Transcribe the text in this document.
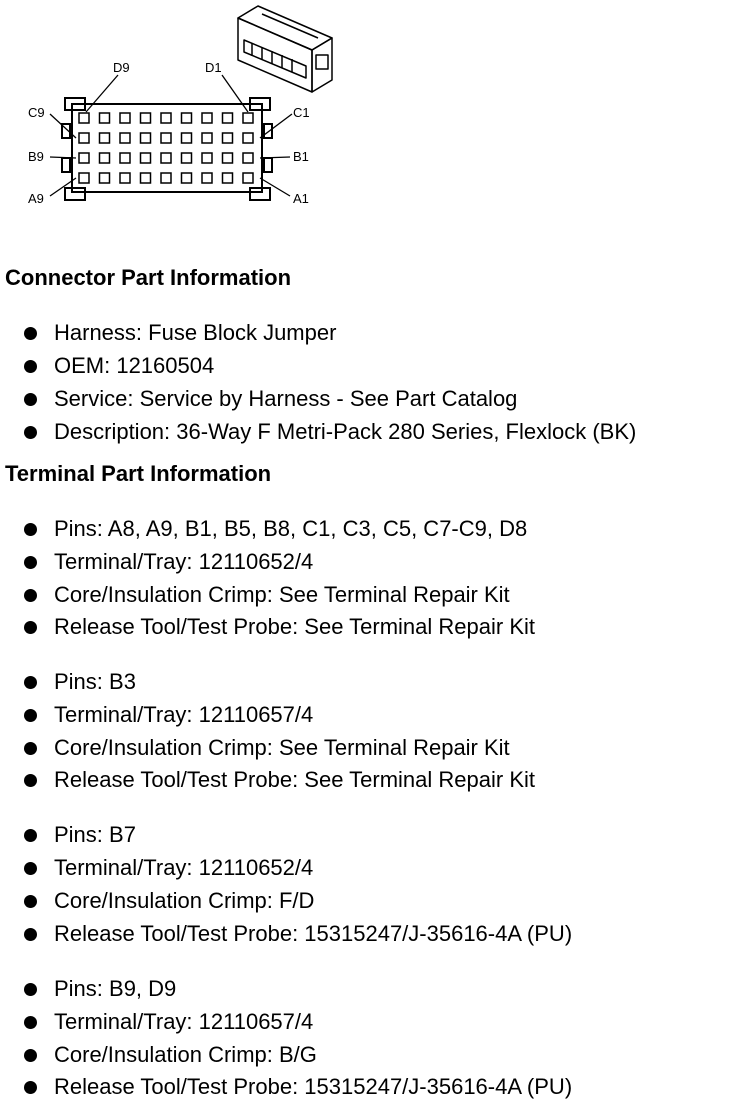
D9	D1
C9	C1
B9	B1
A9	A1
Connector Part Information
Harness: Fuse Block Jumper
OEM: 12160504
Service: Service by Harness - See Part Catalog
Description: 36-Way F Metri-Pack 280 Series, Flexlock (BK)
Terminal Part Information
Pins: A8, A9, B1, B5, B8, C1, C3, C5, C7-C9, D8
Terminal/Tray: 12110652/4
Core/Insulation Crimp: See Terminal Repair Kit
Release Tool/Test Probe: See Terminal Repair Kit
Pins: B3
Terminal/Tray: 12110657/4
Core/Insulation Crimp: See Terminal Repair Kit
Release Tool/Test Probe: See Terminal Repair Kit
Pins: B7
Terminal/Tray: 12110652/4
Core/Insulation Crimp: F/D
Release Tool/Test Probe: 15315247/J-35616-4A (PU)
Pins: B9, D9
Terminal/Tray: 12110657/4
Core/Insulation Crimp: B/G
Release Tool/Test Probe: 15315247/J-35616-4A (PU)
